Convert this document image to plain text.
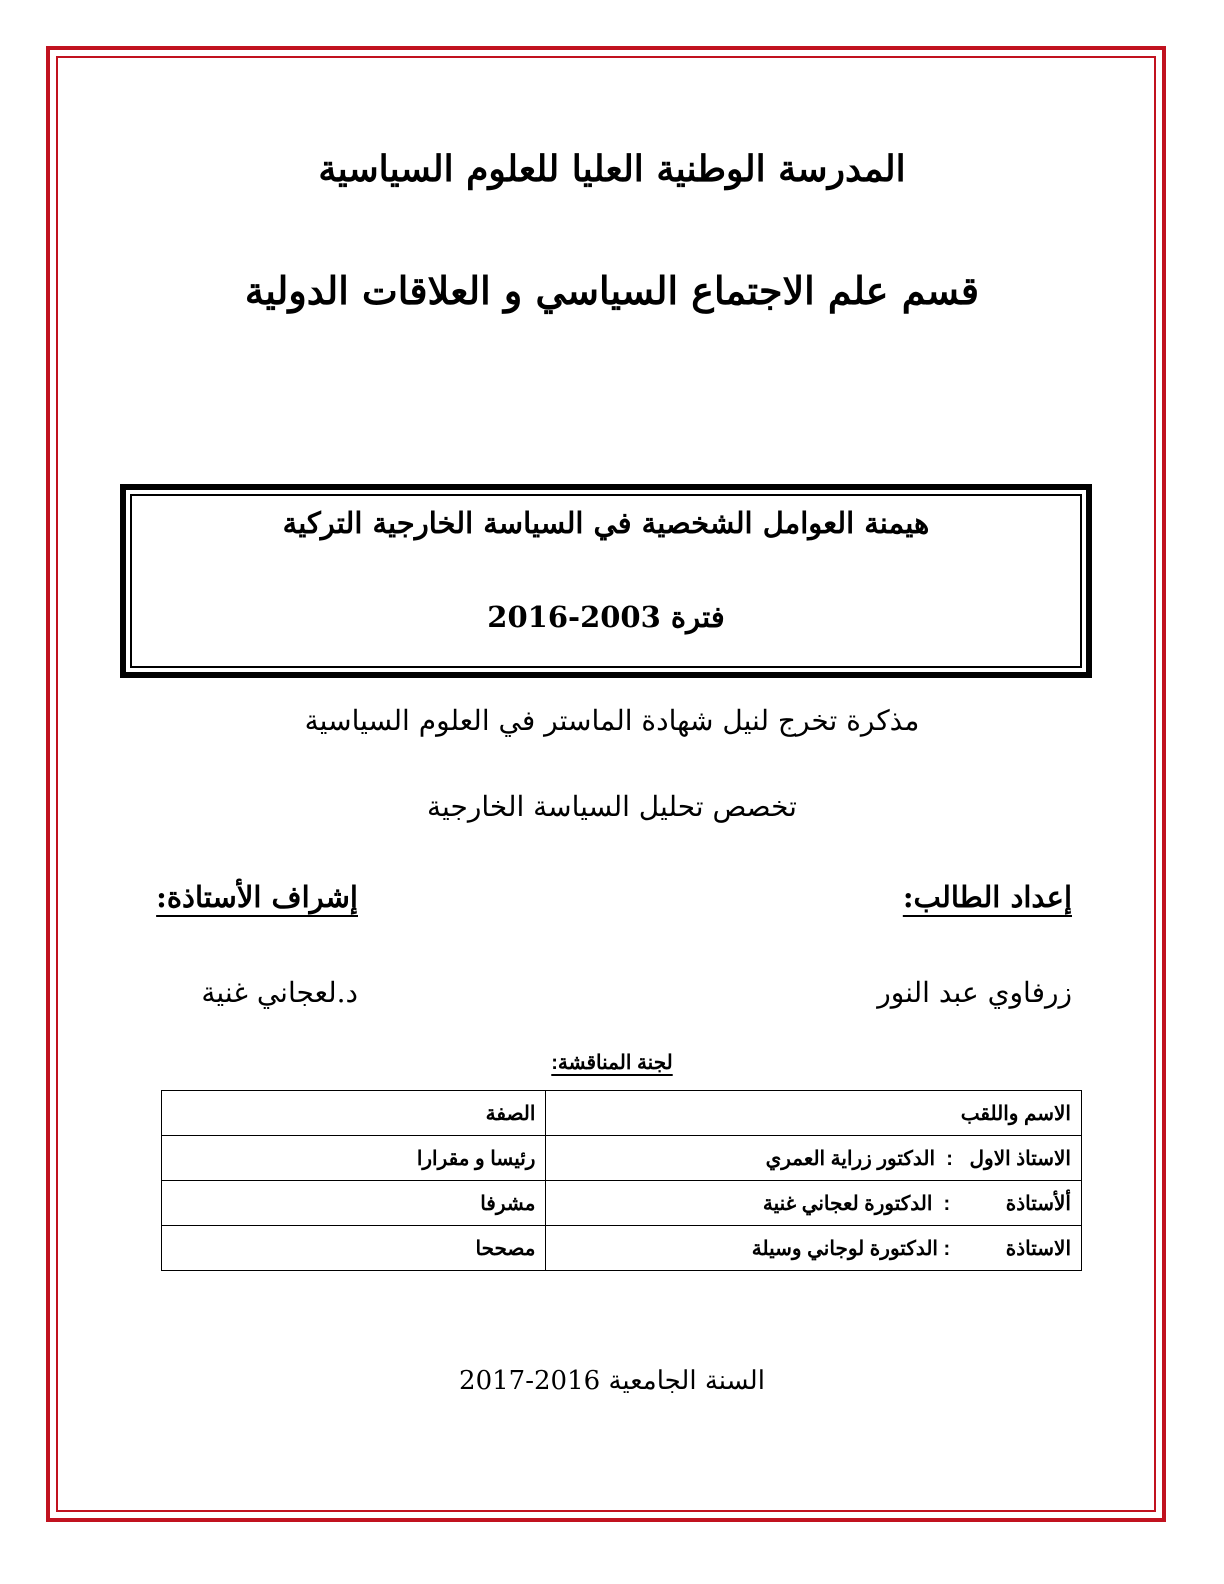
المدرسة الوطنية العليا للعلوم السياسية
قسم علم الاجتماع السياسي و العلاقات الدولية
هيمنة العوامل الشخصية في السياسة الخارجية التركية
فترة 2003-2016
مذكرة تخرج لنيل شهادة الماستر في العلوم السياسية
تخصص تحليل السياسة الخارجية
إعداد الطالب:
إشراف الأستاذة:
زرفاوي عبد النور
د.لعجاني غنية
لجنة المناقشة:
الاسم واللقب	الصفة
الاستاذ الاول   :  الدكتور زراية العمري	رئيسا و مقرارا
ألأستاذة          :  الدكتورة لعجاني غنية	مشرفا
الاستاذة          : الدكتورة لوجاني وسيلة	مصححا
السنة الجامعية 2016-2017
